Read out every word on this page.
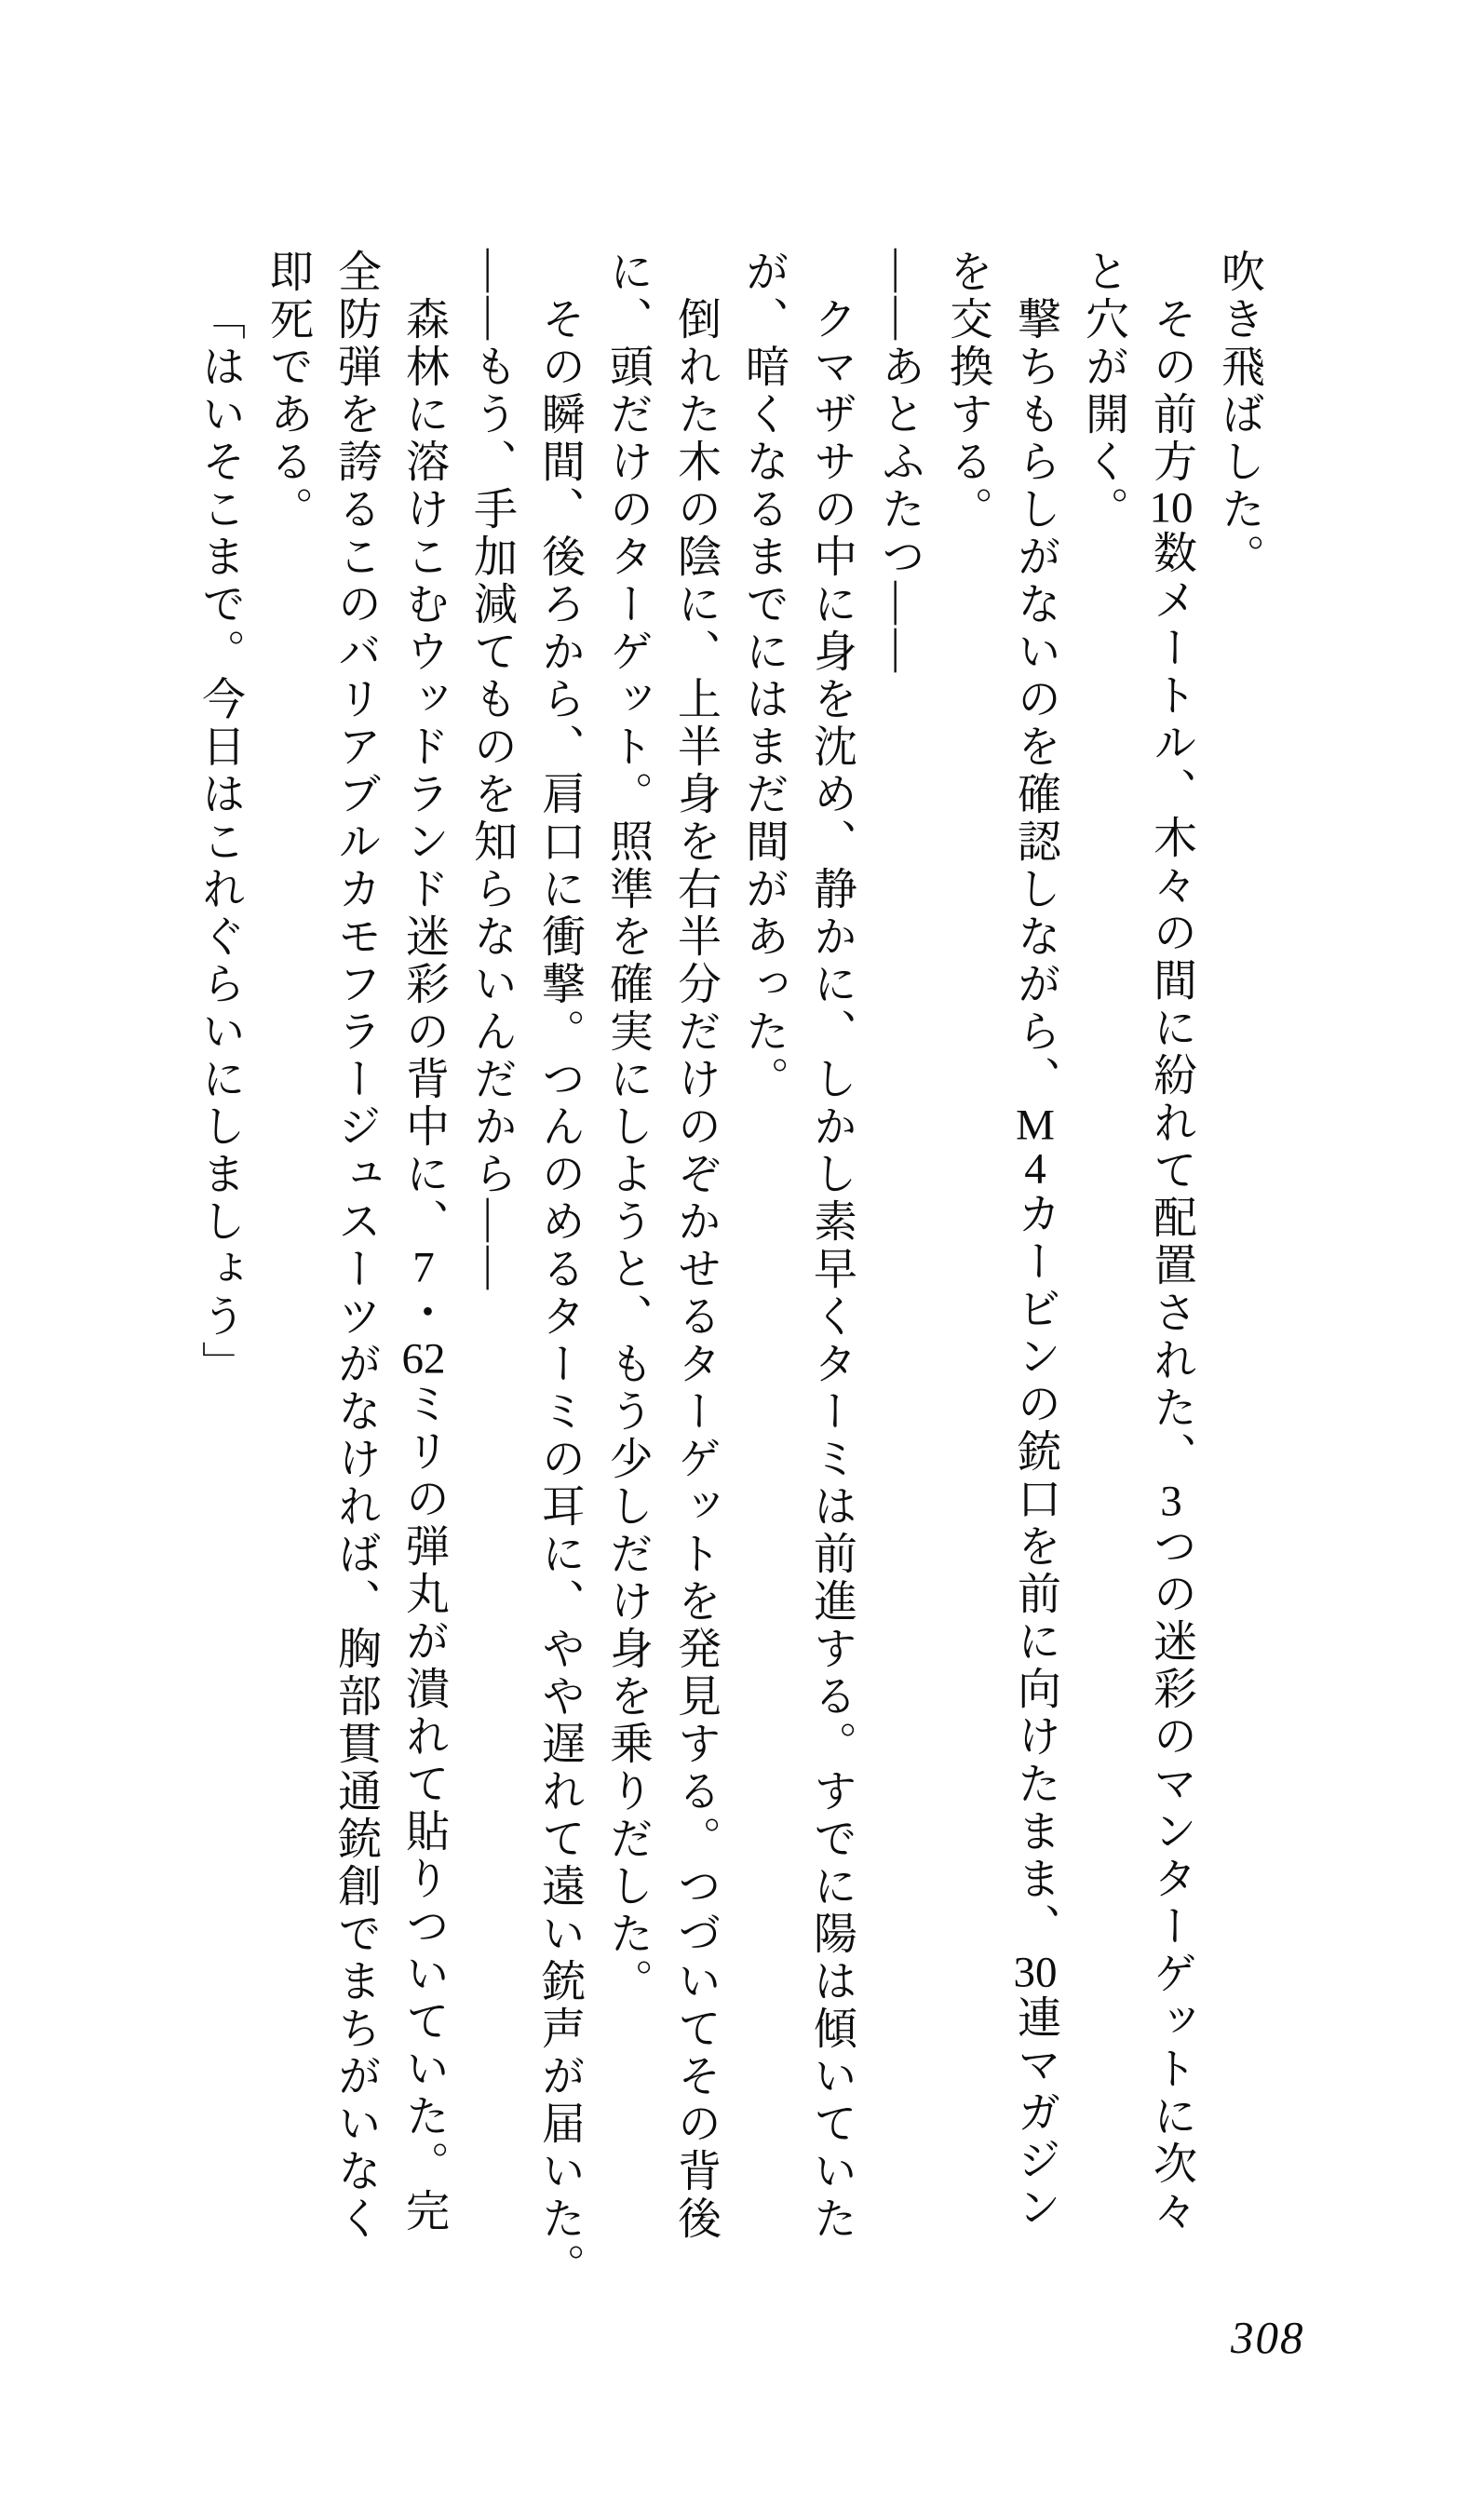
吹き飛ばした。
その前方10数メートル、木々の間に紛れて配置された、3つの迷彩のマンターゲットに次々
と穴が開く。
撃ちもらしがないのを確認しながら、M4カービンの銃口を前に向けたまま、30連マガジン
を交換する。
――あとふたつ――
クマザサの中に身を沈め、静かに、しかし素早くターミは前進する。すでに陽は傾いていた
が、暗くなるまでにはまだ間があった。
倒れた木の陰に、上半身を右半分だけのぞかせるターゲットを発見する。つづいてその背後
に、頭だけのターゲット。照準を確実にしようと、もう少しだけ身を乗りだした。
その瞬間、後ろから、肩口に衝撃。つんのめるターミの耳に、やや遅れて遠い銃声が届いた。
――もう、手加減てものを知らないんだから――
森林に溶けこむウッドランド迷彩の背中に、7・62ミリの弾丸が潰れて貼りついていた。完
全防弾を誇るこのバリアブルカモフラージュスーツがなければ、胸部貫通銃創でまちがいなく
即死である。
「はいそこまで。今日はこれぐらいにしましょう」
308
